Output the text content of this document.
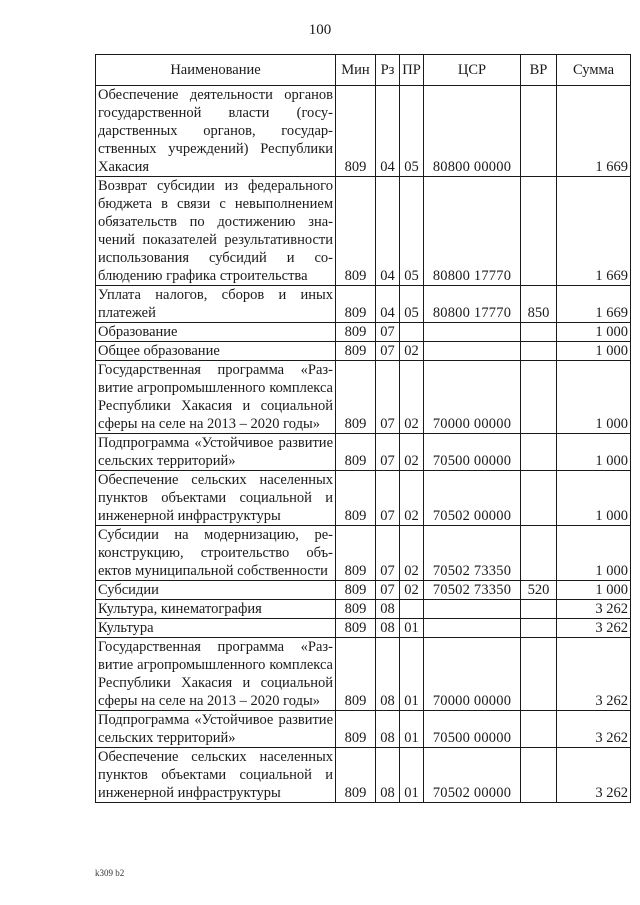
100
Наименование	Мин	Рз	ПР	ЦСР	ВР	Сумма
Обеспечение деятельности органов государственной власти (государственных органов, государственных учреждений) Республики Хакасия	809	04	05	80800 00000		1 669
Возврат субсидии из федерального бюджета в связи с невыполнением обязательств по достижению значений показателей результативности использования субсидий и соблюдению графика строительства	809	04	05	80800 17770		1 669
Уплата налогов, сборов и иных платежей	809	04	05	80800 17770	850	1 669
Образование	809	07				1 000
Общее образование	809	07	02			1 000
Государственная программа «Развитие агропромышленного комплекса Республики Хакасия и социальной сферы на селе на 2013 – 2020 годы»	809	07	02	70000 00000		1 000
Подпрограмма «Устойчивое развитие сельских территорий»	809	07	02	70500 00000		1 000
Обеспечение сельских населенных пунктов объектами социальной и инженерной инфраструктуры	809	07	02	70502 00000		1 000
Субсидии на модернизацию, реконструкцию, строительство объектов муниципальной собственности	809	07	02	70502 73350		1 000
Субсидии	809	07	02	70502 73350	520	1 000
Культура, кинематография	809	08				3 262
Культура	809	08	01			3 262
Государственная программа «Развитие агропромышленного комплекса Республики Хакасия и социальной сферы на селе на 2013 – 2020 годы»	809	08	01	70000 00000		3 262
Подпрограмма «Устойчивое развитие сельских территорий»	809	08	01	70500 00000		3 262
Обеспечение сельских населенных пунктов объектами социальной и инженерной инфраструктуры	809	08	01	70502 00000		3 262
k309 b2
